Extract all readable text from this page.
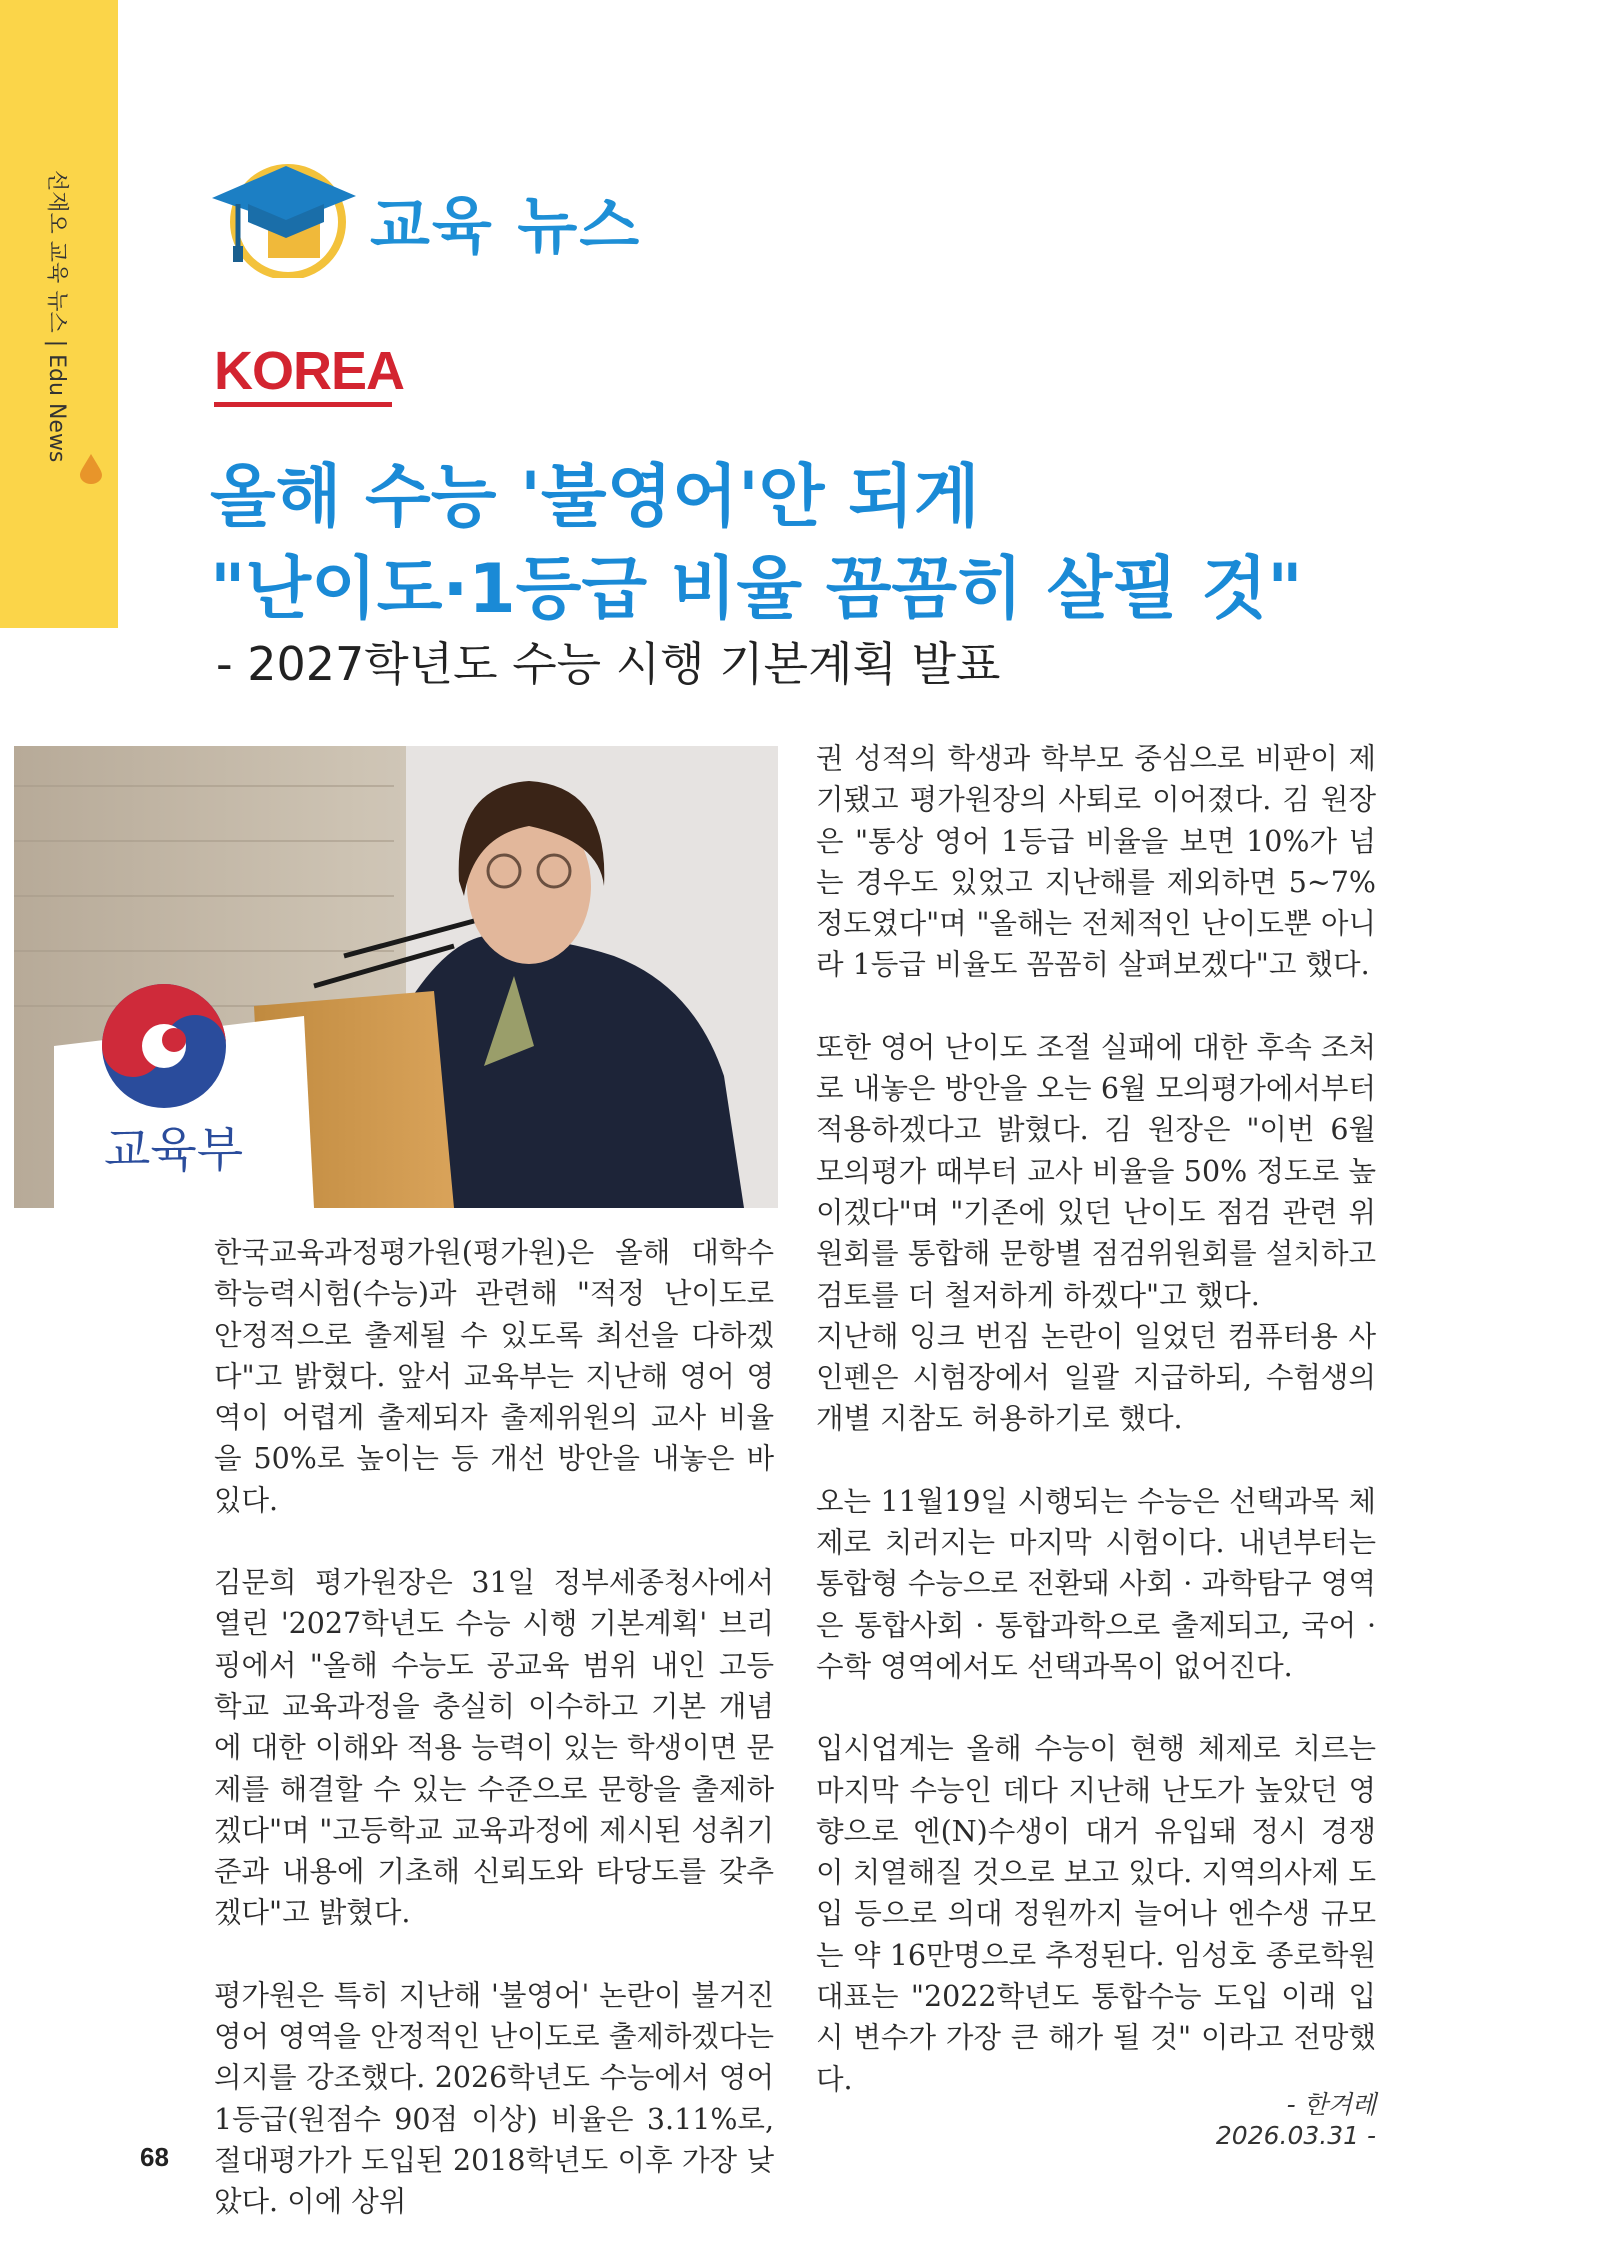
선재오 교육 뉴스 | Edu News	교육 뉴스
KOREA
올해 수능 '불영어'안 되게
"난이도·1등급 비율 꼼꼼히 살필 것"
- 2027학년도 수능 시행 기본계획 발표
교육부

한국교육과정평가원(평가원)은 올해 대학수학능력시험(수능)과 관련해 "적정 난이도로 안정적으로 출제될 수 있도록 최선을 다하겠다"고 밝혔다. 앞서 교육부는 지난해 영어 영역이 어렵게 출제되자 출제위원의 교사 비율을 50%로 높이는 등 개선 방안을 내놓은 바 있다.

김문희 평가원장은 31일 정부세종청사에서 열린 '2027학년도 수능 시행 기본계획' 브리핑에서 "올해 수능도 공교육 범위 내인 고등학교 교육과정을 충실히 이수하고 기본 개념에 대한 이해와 적용 능력이 있는 학생이면 문제를 해결할 수 있는 수준으로 문항을 출제하겠다"며 "고등학교 교육과정에 제시된 성취기준과 내용에 기초해 신뢰도와 타당도를 갖추겠다"고 밝혔다.

평가원은 특히 지난해 '불영어' 논란이 불거진 영어 영역을 안정적인 난이도로 출제하겠다는 의지를 강조했다. 2026학년도 수능에서 영어 1등급(원점수 90점 이상) 비율은 3.11%로, 절대평가가 도입된 2018학년도 이후 가장 낮았다. 이에 상위

권 성적의 학생과 학부모 중심으로 비판이 제기됐고 평가원장의 사퇴로 이어졌다. 김 원장은 "통상 영어 1등급 비율을 보면 10%가 넘는 경우도 있었고 지난해를 제외하면 5~7% 정도였다"며 "올해는 전체적인 난이도뿐 아니라 1등급 비율도 꼼꼼히 살펴보겠다"고 했다.

또한 영어 난이도 조절 실패에 대한 후속 조처로 내놓은 방안을 오는 6월 모의평가에서부터 적용하겠다고 밝혔다. 김 원장은 "이번 6월 모의평가 때부터 교사 비율을 50% 정도로 높이겠다"며 "기존에 있던 난이도 점검 관련 위원회를 통합해 문항별 점검위원회를 설치하고 검토를 더 철저하게 하겠다"고 했다.

지난해 잉크 번짐 논란이 일었던 컴퓨터용 사인펜은 시험장에서 일괄 지급하되, 수험생의 개별 지참도 허용하기로 했다.

오는 11월19일 시행되는 수능은 선택과목 체제로 치러지는 마지막 시험이다. 내년부터는 통합형 수능으로 전환돼 사회 · 과학탐구 영역은 통합사회 · 통합과학으로 출제되고, 국어 · 수학 영역에서도 선택과목이 없어진다.

입시업계는 올해 수능이 현행 체제로 치르는 마지막 수능인 데다 지난해 난도가 높았던 영향으로 엔(N)수생이 대거 유입돼 정시 경쟁이 치열해질 것으로 보고 있다. 지역의사제 도입 등으로 의대 정원까지 늘어나 엔수생 규모는 약 16만명으로 추정된다. 임성호 종로학원 대표는 "2022학년도 통합수능 도입 이래 입시 변수가 가장 큰 해가 될 것" 이라고 전망했다.

- 한겨레 2026.03.31 -
68
